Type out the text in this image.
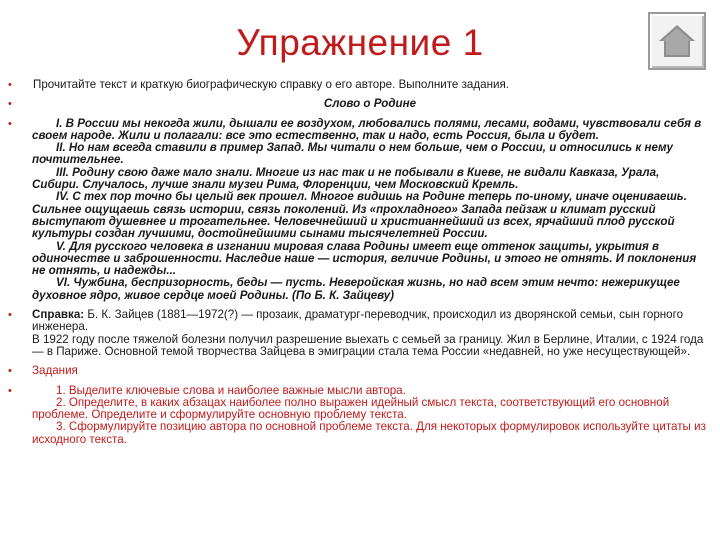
Упражнение 1
• Прочитайте текст и краткую биографическую справку о его авторе. Выполните задания.
•	Слово о Родине
•	I. В России мы некогда жили, дышали ее воздухом, любовались полями, лесами, водами, чувствовали себя в своем народе. Жили и полагали: все это естественно, так и надо, есть Россия, была и будет.
II. Но нам всегда ставили в пример Запад. Мы читали о нем больше, чем о России, и относились к нему почтительнее.
III. Родину свою даже мало знали. Многие из нас так и не побывали в Киеве, не видали Кавказа, Урала, Сибири. Случалось, лучше знали музеи Рима, Флоренции, чем Московский Кремль.
IV. С тех пор точно бы целый век прошел. Многое видишь на Родине теперь по-иному, иначе оцениваешь. Сильнее ощущаешь связь истории, связь поколений. Из «прохладного» Запада пейзаж и климат русский выступают душевнее и трогательнее. Человечнейший и христианнейший из всех, ярчайший плод русской культуры создан лучшими, достойнейшими сынами тысячелетней России.
V. Для русского человека в изгнании мировая слава Родины имеет еще оттенок защиты, укрытия в одиночестве и заброшенности. Наследие наше — история, величие Родины, и этого не отнять. И поклонения не отнять, и надежды...
VI. Чужбина, беспризорность, беды — пусть. Неверойская жизнь, но над всем этим нечто: нежерикущее духовное ядро, живое сердце моей Родины. (По Б. К. Зайцеву)
• Справка: Б. К. Зайцев (1881—1972(?) — прозаик, драматург-переводчик, происходил из дворянской семьи, сын горного инженера.
В 1922 году после тяжелой болезни получил разрешение выехать с семьей за границу. Жил в Берлине, Италии, с 1924 года — в Париже. Основной темой творчества Зайцева в эмиграции стала тема России «недавней, но уже несуществующей».
• Задания
•	1. Выделите ключевые слова и наиболее важные мысли автора.
2. Определите, в каких абзацах наиболее полно выражен идейный смысл текста, соответствующий его основной проблеме. Определите и сформулируйте основную проблему текста.
3. Сформулируйте позицию автора по основной проблеме текста. Для некоторых формулировок используйте цитаты из исходного текста.
